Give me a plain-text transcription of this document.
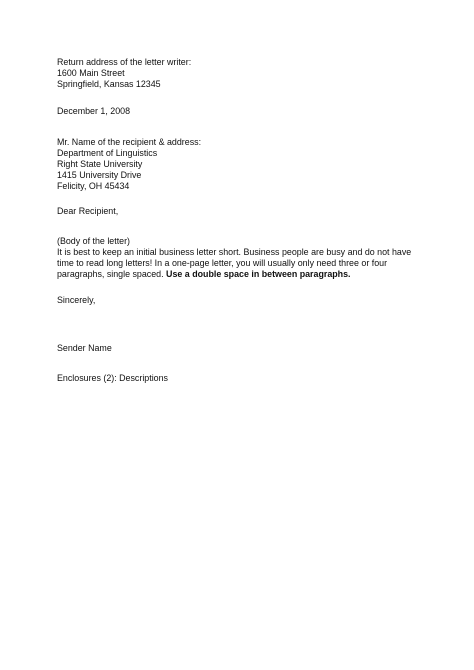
Return address of the letter writer:
1600 Main Street
Springfield, Kansas 12345
December 1, 2008
Mr. Name of the recipient & address:
Department of Linguistics
Right State University
1415 University Drive
Felicity, OH 45434
Dear Recipient,
(Body of the letter)
It is best to keep an initial business letter short. Business people are busy and do not have
time to read long letters! In a one-page letter, you will usually only need three or four
paragraphs, single spaced. Use a double space in between paragraphs.
Sincerely,
Sender Name
Enclosures (2): Descriptions
